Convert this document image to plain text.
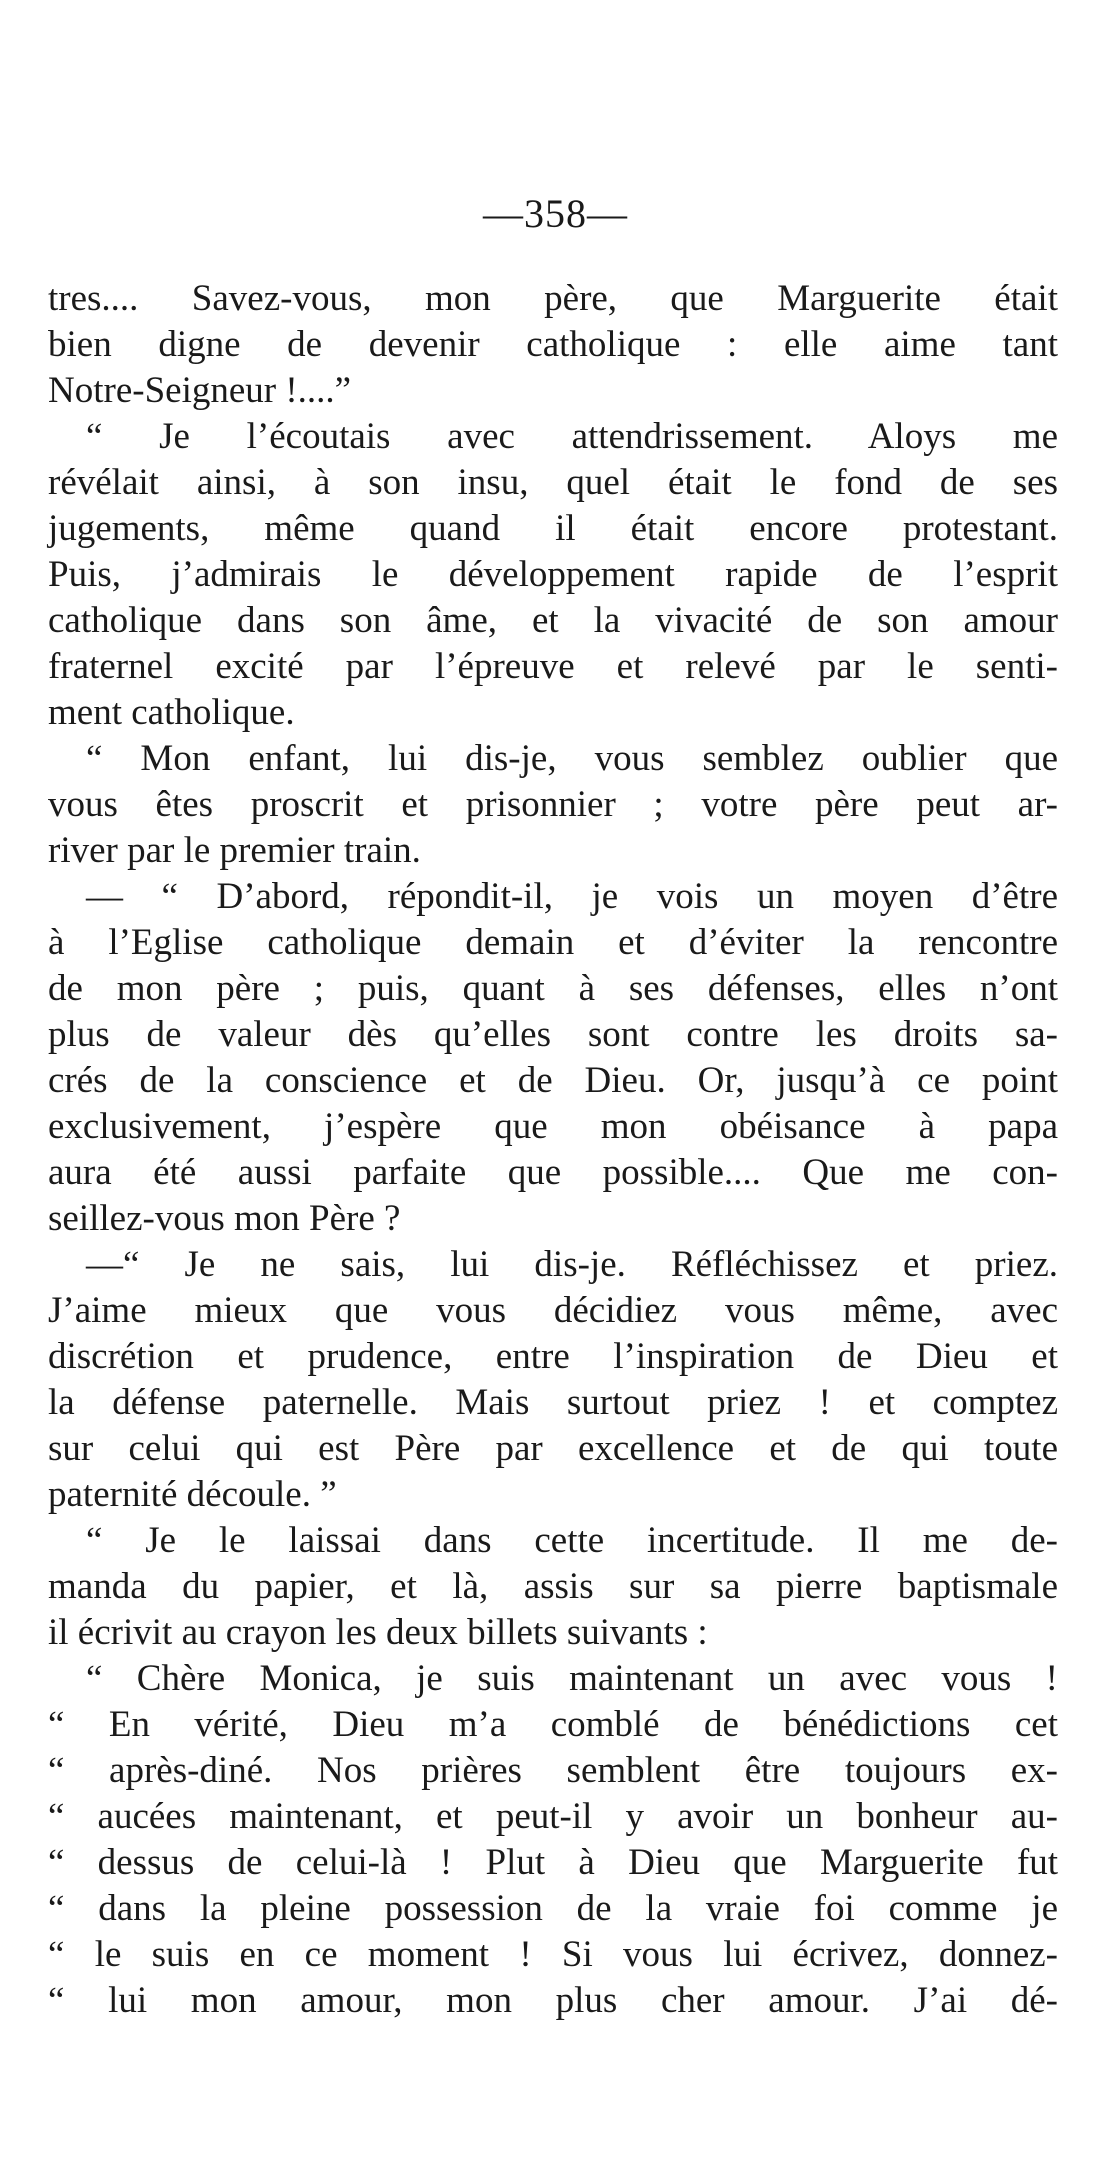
—358—
tres.... Savez-vous, mon père, que Marguerite était
bien digne de devenir catholique : elle aime tant
Notre-Seigneur !....”
“ Je l’écoutais avec attendrissement. Aloys me
révélait ainsi, à son insu, quel était le fond de ses
jugements, même quand il était encore protestant.
Puis, j’admirais le développement rapide de l’esprit
catholique dans son âme, et la vivacité de son amour
fraternel excité par l’épreuve et relevé par le senti-
ment catholique.
“ Mon enfant, lui dis-je, vous semblez oublier que
vous êtes proscrit et prisonnier ; votre père peut ar-
river par le premier train.
— “ D’abord, répondit-il, je vois un moyen d’être
à l’Eglise catholique demain et d’éviter la rencontre
de mon père ; puis, quant à ses défenses, elles n’ont
plus de valeur dès qu’elles sont contre les droits sa-
crés de la conscience et de Dieu. Or, jusqu’à ce point
exclusivement, j’espère que mon obéisance à papa
aura été aussi parfaite que possible.... Que me con-
seillez-vous mon Père ?
—“ Je ne sais, lui dis-je. Réfléchissez et priez.
J’aime mieux que vous décidiez vous même, avec
discrétion et prudence, entre l’inspiration de Dieu et
la défense paternelle. Mais surtout priez ! et comptez
sur celui qui est Père par excellence et de qui toute
paternité découle. ”
“ Je le laissai dans cette incertitude. Il me de-
manda du papier, et là, assis sur sa pierre baptismale
il écrivit au crayon les deux billets suivants :
“ Chère Monica, je suis maintenant un avec vous !
“ En vérité, Dieu m’a comblé de bénédictions cet
“ après-diné. Nos prières semblent être toujours ex-
“ aucées maintenant, et peut-il y avoir un bonheur au-
“ dessus de celui-là ! Plut à Dieu que Marguerite fut
“ dans la pleine possession de la vraie foi comme je
“ le suis en ce moment ! Si vous lui écrivez, donnez-
“ lui mon amour, mon plus cher amour. J’ai dé-
